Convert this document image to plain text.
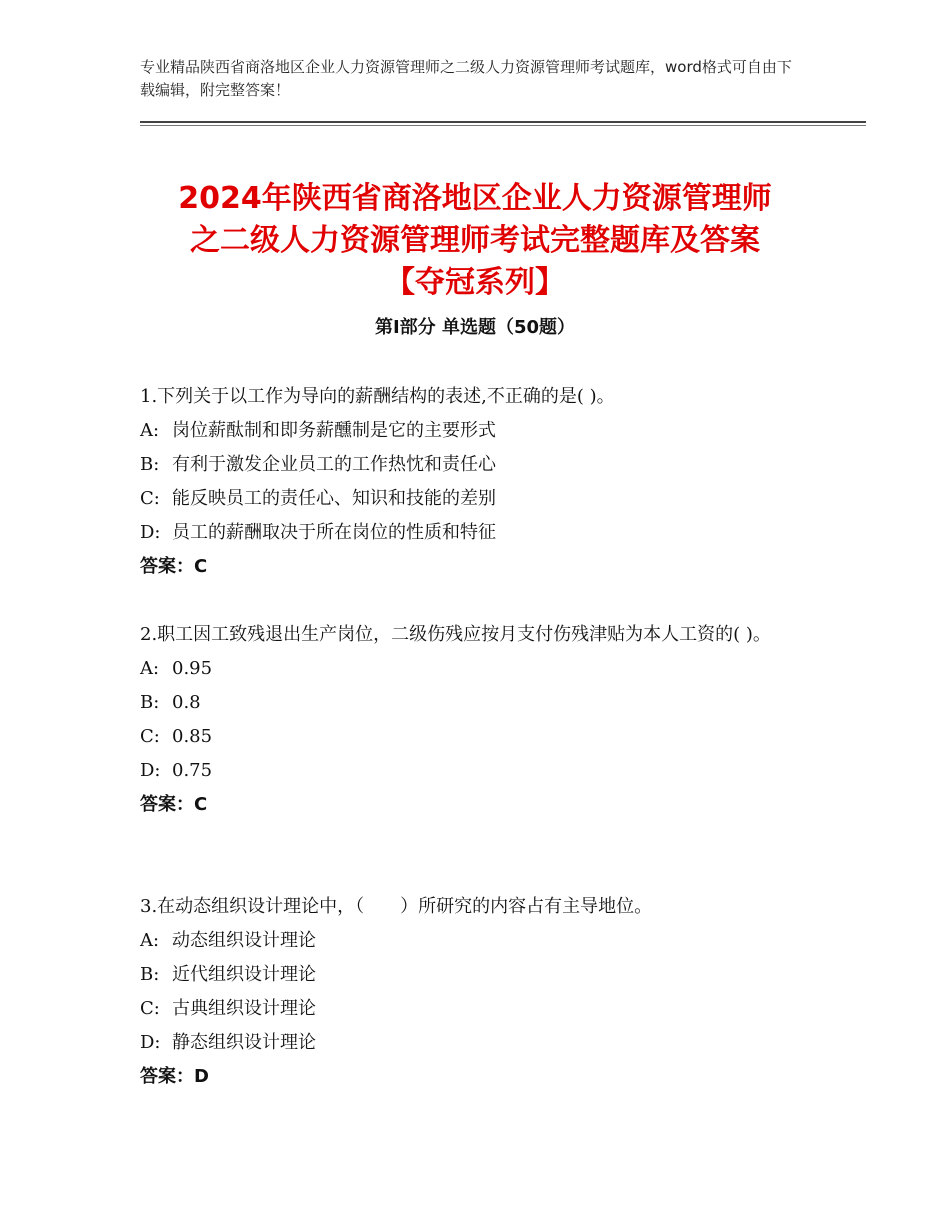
专业精品陕西省商洛地区企业人力资源管理师之二级人力资源管理师考试题库，word格式可自由下载编辑，附完整答案！
2024年陕西省商洛地区企业人力资源管理师
之二级人力资源管理师考试完整题库及答案
【夺冠系列】
第Ⅰ部分 单选题（50题）

1.下列关于以工作为导向的薪酬结构的表述,不正确的是( )。

A: 岗位薪酞制和即务薪醺制是它的主要形式

B: 有利于激发企业员工的工作热忱和责任心

C: 能反映员工的责任心、知识和技能的差别

D: 员工的薪酬取决于所在岗位的性质和特征

答案：C

2.职工因工致残退出生产岗位，二级伤残应按月支付伤残津贴为本人工资的( )。

A: 0.95

B: 0.8

C: 0.85

D: 0.75

答案：C

3.在动态组织设计理论中，（　　）所研究的内容占有主导地位。

A: 动态组织设计理论

B: 近代组织设计理论

C: 古典组织设计理论

D: 静态组织设计理论

答案：D
